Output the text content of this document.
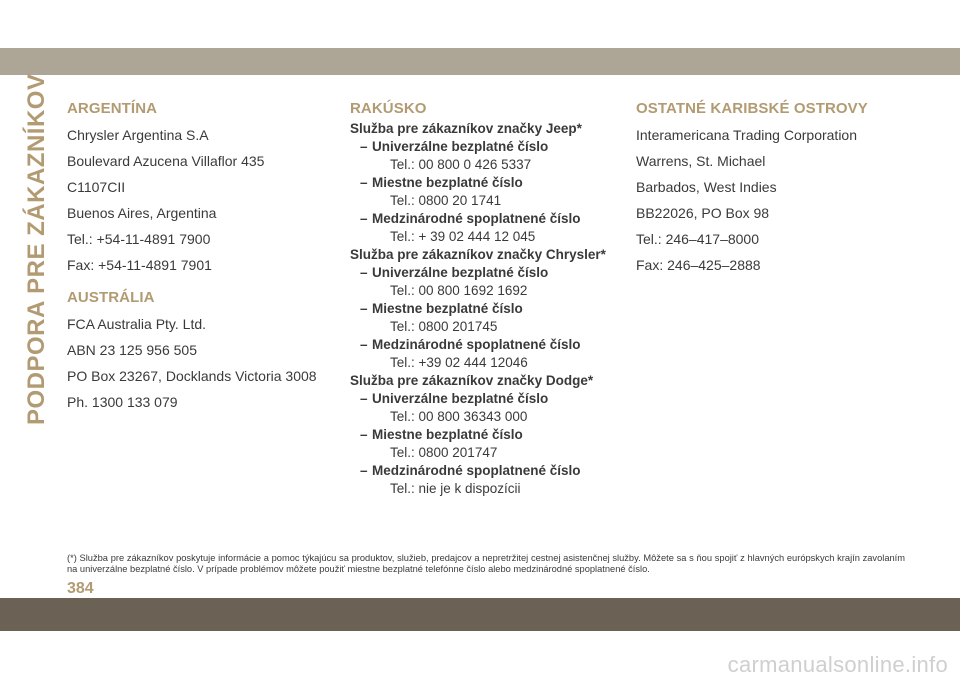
PODPORA PRE ZÁKAZNÍKOV ARGENTÍNA
Chrysler Argentina S.A
Boulevard Azucena Villaflor 435
C1107CII
Buenos Aires, Argentina
Tel.: +54-11-4891 7900
Fax: +54-11-4891 7901
AUSTRÁLIA
FCA Australia Pty. Ltd.
ABN 23 125 956 505
PO Box 23267, Docklands Victoria 3008
Ph. 1300 133 079
RAKÚSKO
Služba pre zákazníkov značky Jeep*
– Univerzálne bezplatné číslo
Tel.: 00 800 0 426 5337
– Miestne bezplatné číslo
Tel.: 0800 20 1741
– Medzinárodné spoplatnené číslo
Tel.: + 39 02 444 12 045
Služba pre zákazníkov značky Chrysler*
– Univerzálne bezplatné číslo
Tel.: 00 800 1692 1692
– Miestne bezplatné číslo
Tel.: 0800 201745
– Medzinárodné spoplatnené číslo
Tel.: +39 02 444 12046
Služba pre zákazníkov značky Dodge*
– Univerzálne bezplatné číslo
Tel.: 00 800 36343 000
– Miestne bezplatné číslo
Tel.: 0800 201747
– Medzinárodné spoplatnené číslo
Tel.: nie je k dispozícii
OSTATNÉ KARIBSKÉ OSTROVY
Interamericana Trading Corporation
Warrens, St. Michael
Barbados, West Indies
BB22026, PO Box 98
Tel.: 246–417–8000
Fax: 246–425–2888
(*) Služba pre zákazníkov poskytuje informácie a pomoc týkajúcu sa produktov, služieb, predajcov a nepretržitej cestnej asistenčnej služby. Môžete sa s ňou spojiť z hlavných európskych krajín zavolaním na univerzálne bezplatné číslo. V prípade problémov môžete použiť miestne bezplatné telefónne číslo alebo medzinárodné spoplatnené číslo.
384
carmanualsonline.info
